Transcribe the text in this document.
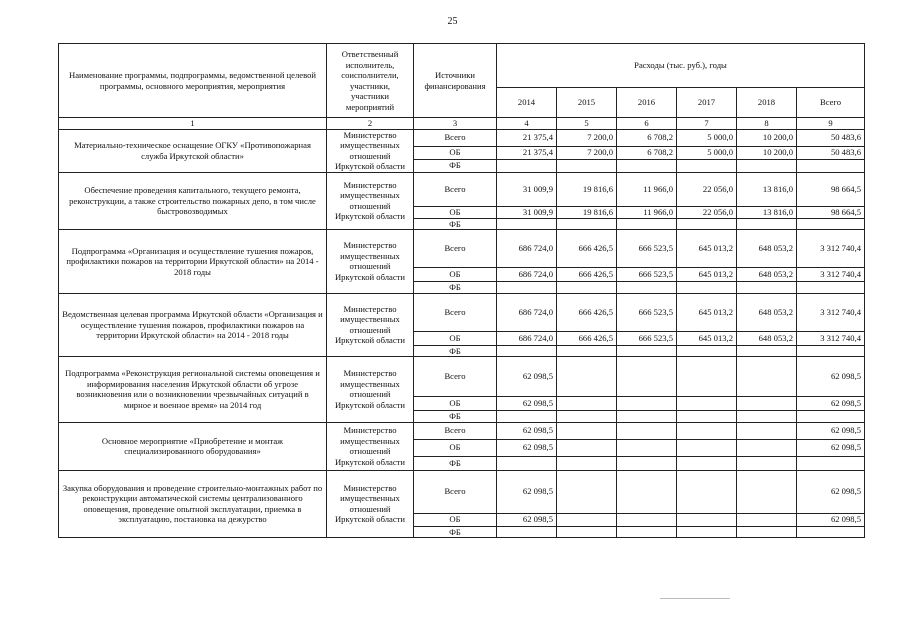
25
Наименование программы, подпрограммы, ведомственной целевой программы, основного мероприятия, мероприятия	Ответственный исполнитель, соисполнители, участники, участники мероприятий	Источники финансирования	Расходы (тыс. руб.), годы					
			2014	2015	2016	2017	2018	Всего
1	2	3	4	5	6	7	8	9
Материально-техническое оснащение ОГКУ «Противопожарная служба Иркутской области»	Министерство имущественных отношений Иркутской области	Всего	21 375,4	7 200,0	6 708,2	5 000,0	10 200,0	50 483,6
		ОБ	21 375,4	7 200,0	6 708,2	5 000,0	10 200,0	50 483,6
		ФБ						
Обеспечение проведения капитального, текущего ремонта, реконструкции, а также строительство пожарных депо, в том числе быстровозводимых	Министерство имущественных отношений Иркутской области	Всего	31 009,9	19 816,6	11 966,0	22 056,0	13 816,0	98 664,5
		ОБ	31 009,9	19 816,6	11 966,0	22 056,0	13 816,0	98 664,5
		ФБ						
Подпрограмма «Организация и осуществление тушения пожаров, профилактики пожаров на территории Иркутской области» на 2014 - 2018 годы	Министерство имущественных отношений Иркутской области	Всего	686 724,0	666 426,5	666 523,5	645 013,2	648 053,2	3 312 740,4
		ОБ	686 724,0	666 426,5	666 523,5	645 013,2	648 053,2	3 312 740,4
		ФБ						
Ведомственная целевая программа Иркутской области «Организация и осуществление тушения пожаров, профилактики пожаров на территории Иркутской области» на 2014 - 2018 годы	Министерство имущественных отношений Иркутской области	Всего	686 724,0	666 426,5	666 523,5	645 013,2	648 053,2	3 312 740,4
		ОБ	686 724,0	666 426,5	666 523,5	645 013,2	648 053,2	3 312 740,4
		ФБ						
Подпрограмма «Реконструкция региональной системы оповещения и информирования населения Иркутской области об угрозе возникновения или о возникновении чрезвычайных ситуаций в мирное и военное время» на 2014 год	Министерство имущественных отношений Иркутской области	Всего	62 098,5					62 098,5
		ОБ	62 098,5					62 098,5
		ФБ						
Основное мероприятие «Приобретение и монтаж специализированного оборудования»	Министерство имущественных отношений Иркутской области	Всего	62 098,5					62 098,5
		ОБ	62 098,5					62 098,5
		ФБ						
Закупка оборудования и проведение строительно-монтажных работ по реконструкции автоматической системы централизованного оповещения, проведение опытной эксплуатации, приемка в эксплуатацию, постановка на дежурство	Министерство имущественных отношений Иркутской области	Всего	62 098,5					62 098,5
		ОБ	62 098,5					62 098,5
		ФБ						
